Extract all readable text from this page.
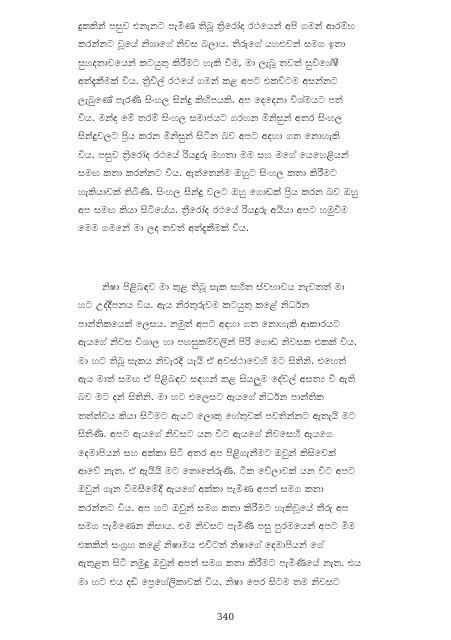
දුකකින් පසුව එනැනට පැමිණ තිබූ ත්‍රිරෝද රථයෙන් අපි ගමන් ආරම්භ
කරන්නට වූයේ නිශාගේ නිවස බලාය. තිරුගේ යහළුවන් සමග ඉතා
සුහදතාවයෙන් කටයුතු කිරීමට හැකි වීම, මා ලැබූ තවත් සුවිශේෂී
අත්දැකීමක් විය. ත්‍රිවීල් රථයේ ගමන් කළ අපට එකවිටම අසන්නට
ලැබුණේ පැරණි සිංහල සින්දු කිහිපයකි. අප දෙදෙනා විශ්මයට පත්
විය. මන්ද මේ තරම් සිංහල සමාජයට ගරහන මිනිසුන් අතර සිංහල
සින්දුවලට ප්‍රිය කරන මිනිසුන් සිටින බව අපට අදහා ගත නොහැකි
විය. පසුව ත්‍රිරෝද රථයේ රියදුරු මහතා මම සහ මගේ යෙහෙළියන්
සමඟ කතා කරන්නට විය. ඇත්තෙන්ම ඔහුට සිංහල කතා කිරීමට
හැකියාවක් තිබිණි. සිංහල සින්දු වලට ඔහු ගොඩක් ප්‍රිය කරන බව ඔහු
අප සමඟ කියා සිටියේය. ත්‍රීරෝද රථයේ රියදුරු අයියා අපට හමුවීම
මෙම ගමනේ මා ලද තවත් අත්දැකීමක් විය.
නිෂා පිළිබඳව මා තුළ තිබූ සැක සහිත ස්වභාවය නැවතත් මා
හට උද්දීපනය විය. ඇය නිරතුරුවම කටයුතු කළේ නිර්ධන
පාන්තිකයෙක් ලෙසය. නමුත් අපට අදහා ගත නොහැකි ආකාරයට
ඇයගේ නිවස විශාල හා පහසුකම්වලින් පිරි ගොඩ නිවසක එකක් විය.
මා හට තිබූ සැකය නිවැරදි යැයි ඒ අවස්ථාවෙහි මට සිතිනි. එහෙත්
ඇය මාත් සමඟ ඒ පිළිබඳව සඳහන් කළ සියලුම දේවල් අසත්‍ය වී ඇති
බව මට දන් සිතිනි. මා හට එලෙසට ඇයගේ නිර්ධන පාන්තික
තත්ත්වය කියා සිටීමට ඇයට ලොකු හේතුවක් පවතින්නට ඇතැයි මට
සිතිණි. අපට ඇයගේ නිවසට යන විට ඇයගේ නිවසෙහි ඇයගෙ
දෙමාපියන් සහ අක්කා සිටි අතර අප පිළිගැනීමට ඔවුන් කිසිවෙක්
ආවේ නැත. ඒ ඇයියි මට තොතේරුණි. ටික වේලාවක් යන විට අපට
ඔවුන් ගැන විමසීමේදී ඇයගේ අක්කා පැමිණ අපත් සමග කතා
කරන්නට විය. අප හට ඔවුන් සමග කතා කිරීමට හැකිවූයේ තීරු අප
සමග පැමිණෙන නිසාය. එම නිවසට පැමිණි පසු පුරමයෙන් අපට මීම
එකකින් සංග්‍රහ කළේ නිෂාමය එවිටත් නිෂාගේ දෙමාපියන් ගේ
ඇතුළත සිටි නමුදු ඔවුන් අපත් සමග කතා කිරීමට පැමිණියේ නැත. එය
මා හට එය දඩි ප්‍රෙහේලිකාවක් විය. නිෂා පෙර සිටම තම නිවසට
340
